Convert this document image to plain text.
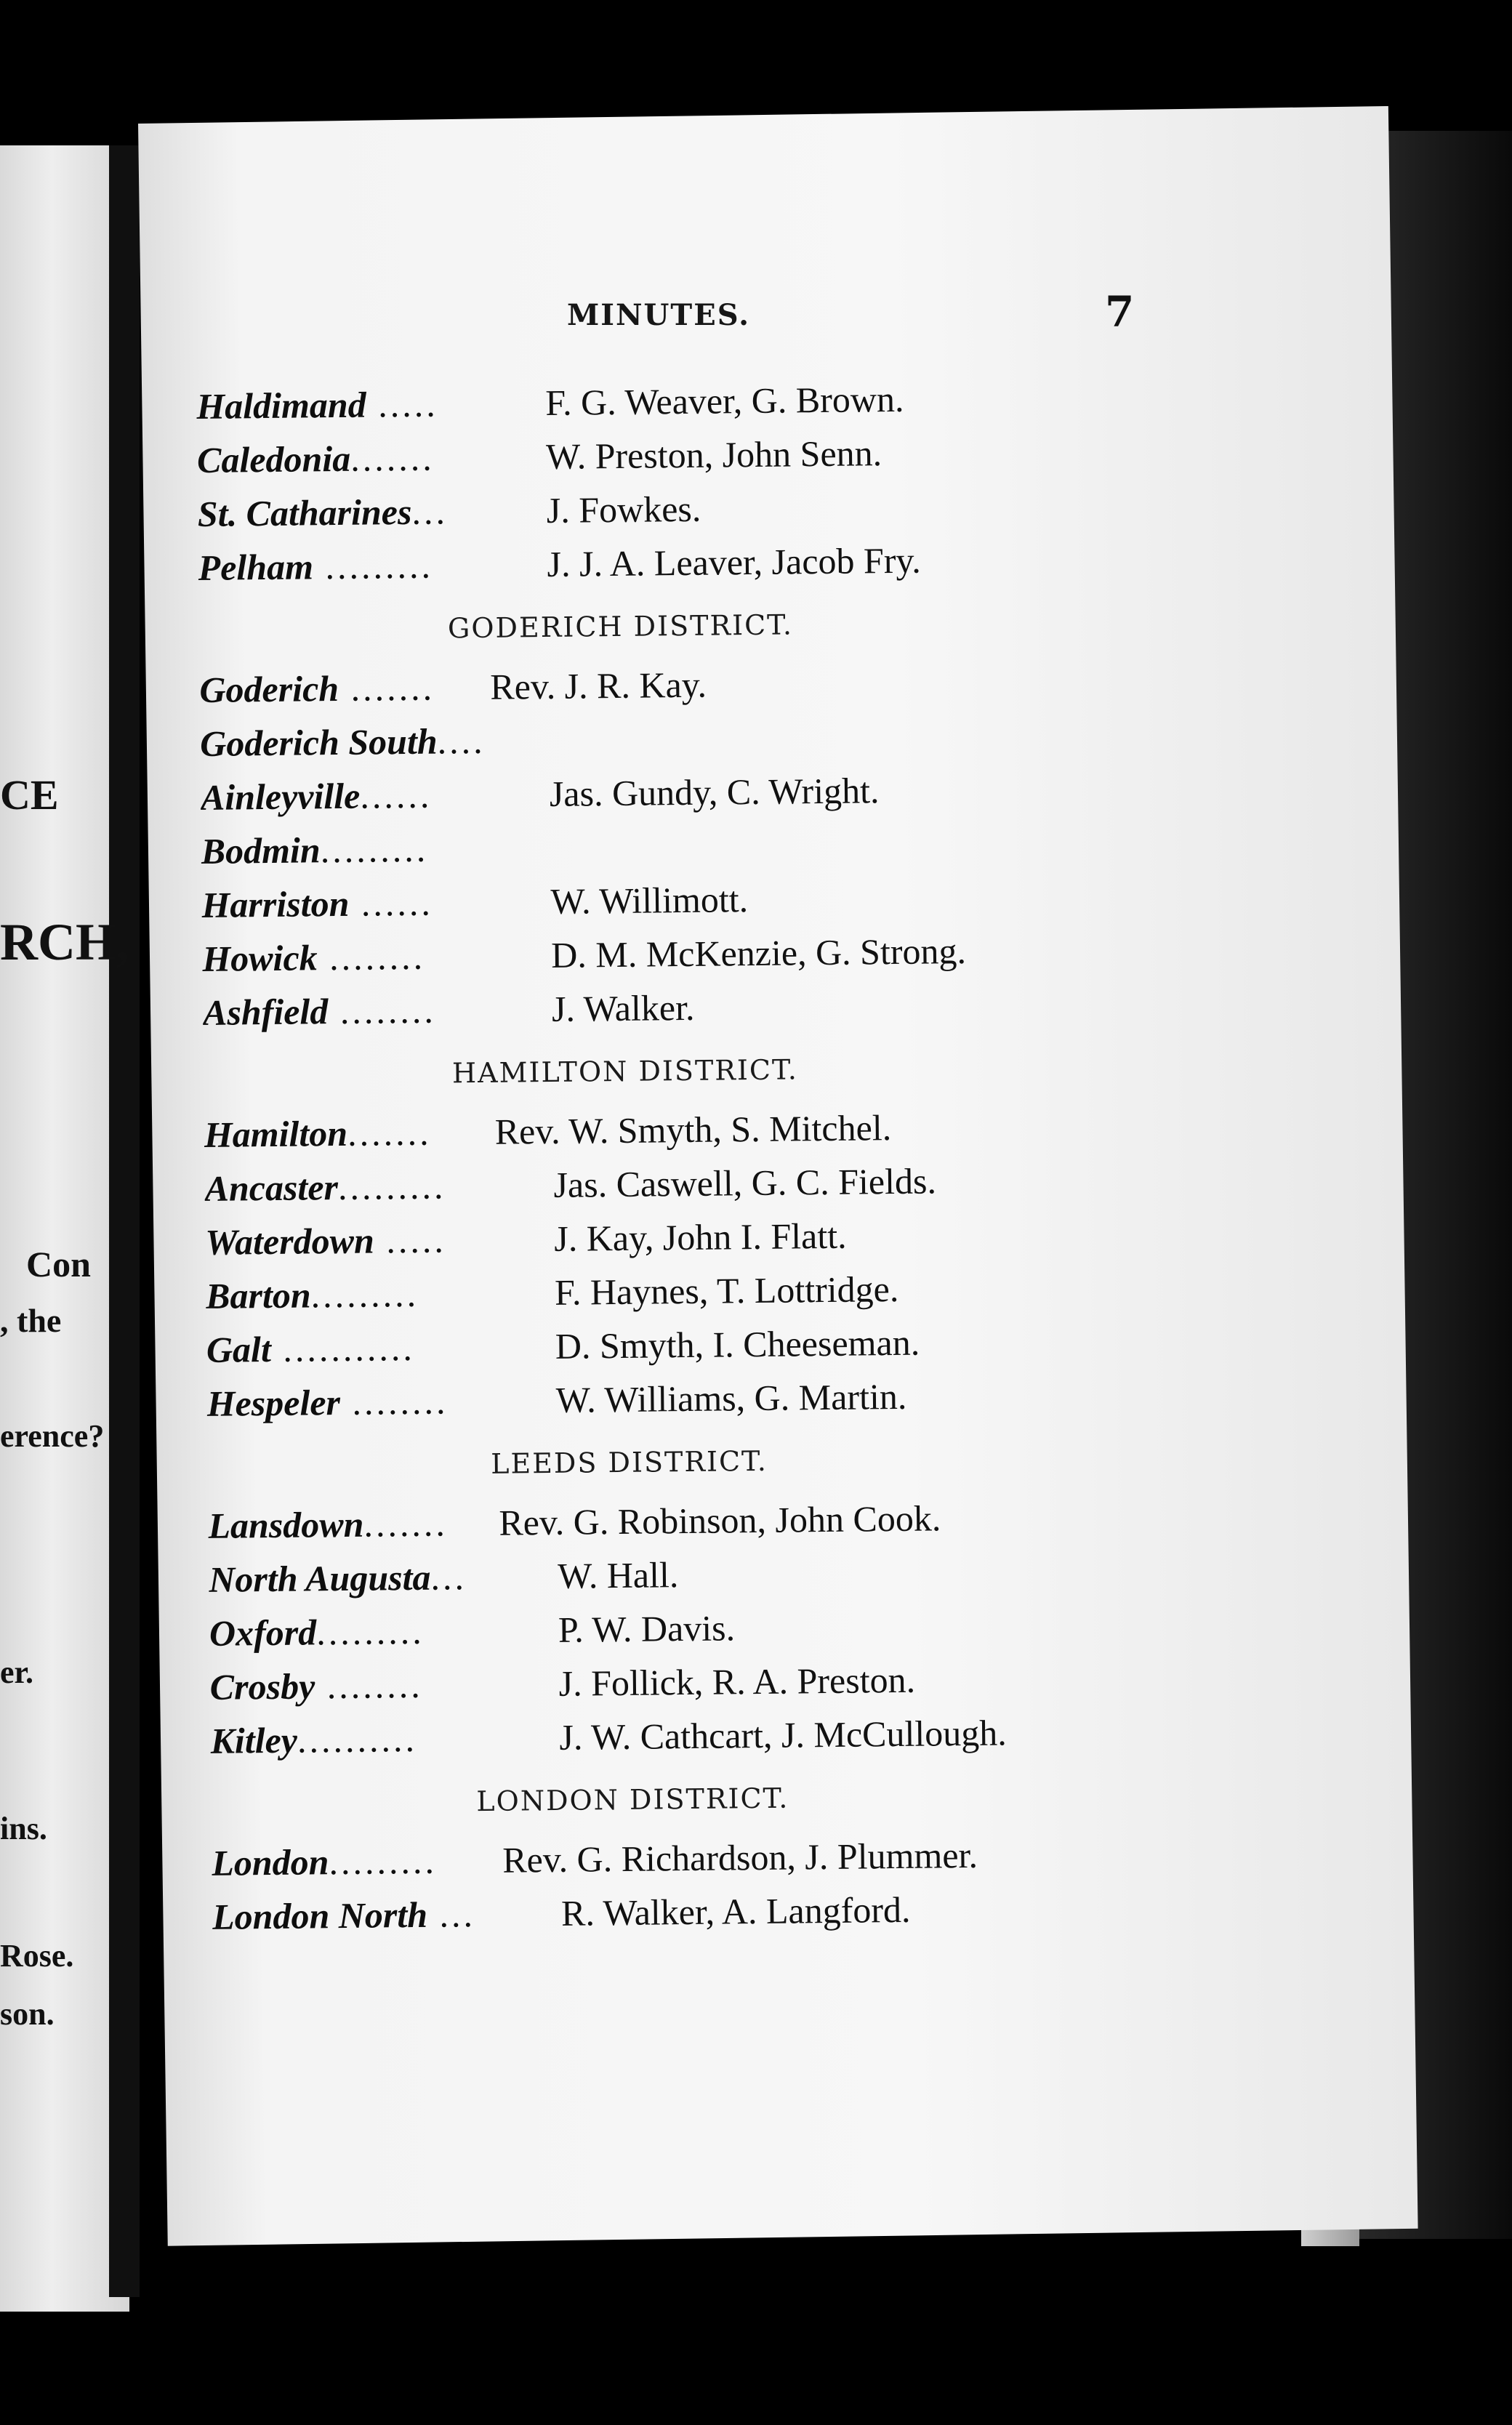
CE
RCH,
Con
, the
erence?
er.
ins.
Rose.
son.
MINUTES.	7
Haldimand .....	F. G. Weaver, G. Brown.
Caledonia.......	W. Preston, John Senn.
St. Catharines...	J. Fowkes.
Pelham .........	J. J. A. Leaver, Jacob Fry.
GODERICH DISTRICT.
Goderich .......	Rev. J. R. Kay.
Goderich South....
Ainleyville......	Jas. Gundy, C. Wright.
Bodmin.........
Harriston ......	W. Willimott.
Howick ........	D. M. McKenzie, G. Strong.
Ashfield ........	J. Walker.
HAMILTON DISTRICT.
Hamilton.......	Rev. W. Smyth, S. Mitchel.
Ancaster.........	Jas. Caswell, G. C. Fields.
Waterdown .....	J. Kay, John I. Flatt.
Barton.........	F. Haynes, T. Lottridge.
Galt ...........	D. Smyth, I. Cheeseman.
Hespeler ........	W. Williams, G. Martin.
LEEDS DISTRICT.
Lansdown.......	Rev. G. Robinson, John Cook.
North Augusta...	W. Hall.
Oxford.........	P. W. Davis.
Crosby ........	J. Follick, R. A. Preston.
Kitley..........	J. W. Cathcart, J. McCullough.
LONDON DISTRICT.
London.........	Rev. G. Richardson, J. Plummer.
London North ...	R. Walker, A. Langford.
